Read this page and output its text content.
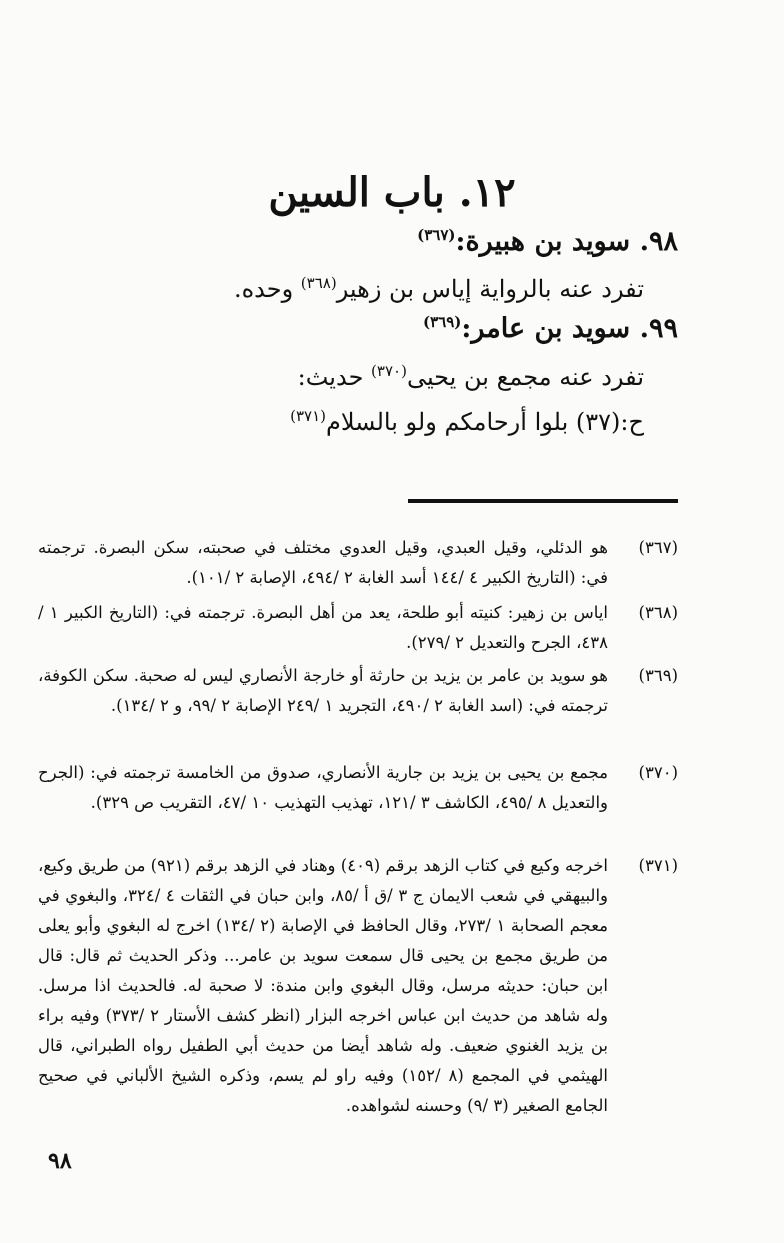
١٢. باب السين
٩٨. سويد بن هبيرة:$^{(٣٦٧)}$
تفرد عنه بالرواية إياس بن زهير$^{(٣٦٨)}$ وحده.
٩٩. سويد بن عامر:$^{(٣٦٩)}$
تفرد عنه مجمع بن يحيى$^{(٣٧٠)}$ حديث:
ح:(٣٧) بلوا أرحامكم ولو بالسلام$^{(٣٧١)}$
(٣٦٧)
هو الدئلي، وقيل العبدي، وقيل العدوي مختلف في صحبته، سكن البصرة. ترجمته في: (التاريخ الكبير ٤ /١٤٤ أسد الغابة ٢ /٤٩٤، الإصابة ٢ /١٠١).
(٣٦٨)
اياس بن زهير: كنيته أبو طلحة، يعد من أهل البصرة. ترجمته في: (التاريخ الكبير ١ /٤٣٨، الجرح والتعديل ٢ /٢٧٩).
(٣٦٩)
هو سويد بن عامر بن يزيد بن حارثة أو خارجة الأنصاري ليس له صحبة. سكن الكوفة، ترجمته في: (اسد الغابة ٢ /٤٩٠، التجريد ١ /٢٤٩ الإصابة ٢ /٩٩، و ٢ /١٣٤).
(٣٧٠)
مجمع بن يحيى بن يزيد بن جارية الأنصاري، صدوق من الخامسة ترجمته في: (الجرح والتعديل ٨ /٤٩٥، الكاشف ٣ /١٢١، تهذيب التهذيب ١٠ /٤٧، التقريب ص ٣٢٩).
(٣٧١)
اخرجه وكيع في كتاب الزهد برقم (٤٠٩) وهناد في الزهد برقم (٩٢١) من طريق وكيع، والبيهقي في شعب الايمان ج ٣ /ق أ /٨٥، وابن حبان في الثقات ٤ /٣٢٤، والبغوي في معجم الصحابة ١ /٢٧٣، وقال الحافظ في الإصابة (٢ /١٣٤) اخرج له البغوي وأبو يعلى من طريق مجمع بن يحيى قال سمعت سويد بن عامر... وذكر الحديث ثم قال: قال ابن حبان: حديثه مرسل، وقال البغوي وابن مندة: لا صحبة له. فالحديث اذا مرسل. وله شاهد من حديث ابن عباس اخرجه البزار (انظر كشف الأستار ٢ /٣٧٣) وفيه براء بن يزيد الغنوي ضعيف. وله شاهد أيضا من حديث أبي الطفيل رواه الطبراني، قال الهيثمي في المجمع (٨ /١٥٢) وفيه راو لم يسم، وذكره الشيخ الألباني في صحيح الجامع الصغير (٣ /٩) وحسنه لشواهده.
٩٨
